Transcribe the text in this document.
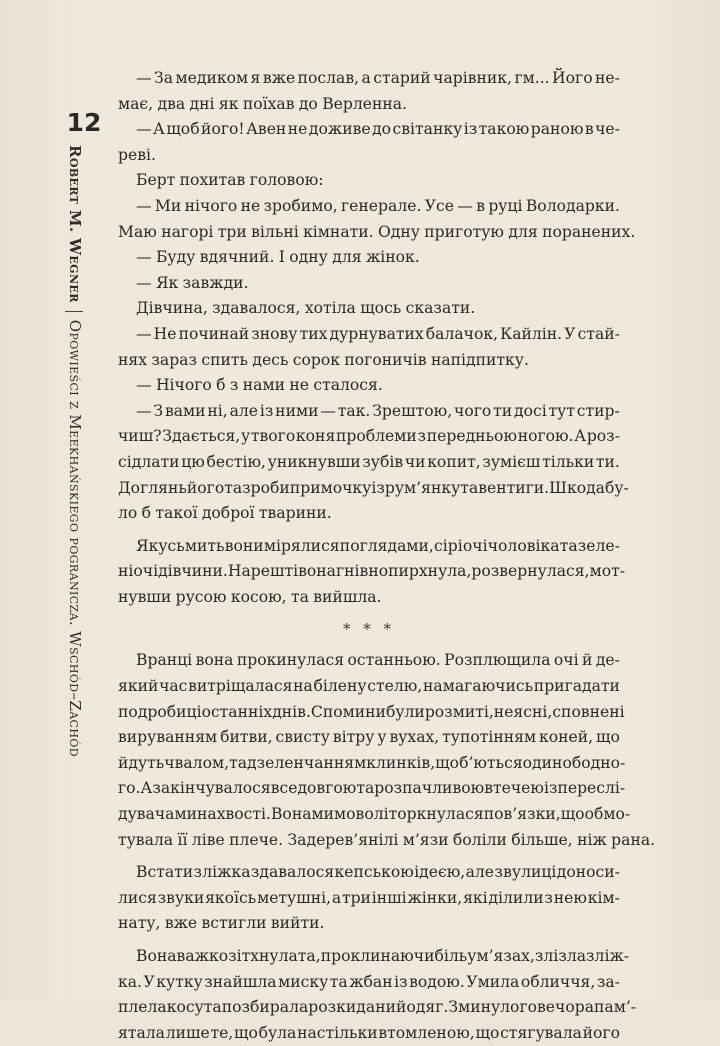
12
Robert M. WegnerOpowieści z Meekhańskiego pogranicza. Wschód–Zachód
— За медиком я вже послав, а старий чарівник, гм... Його не-
має, два дні як поїхав до Верленна.
— А щоб його! Авен не доживе до світанку із такою раною в че-
реві.
Берт похитав головою:
— Ми нічого не зробимо, генерале. Усе — в руці Володарки.
Маю нагорі три вільні кімнати. Одну приготую для поранених.
— Буду вдячний. І одну для жінок.
— Як завжди.
Дівчина, здавалося, хотіла щось сказати.
— Не починай знову тих дурнуватих балачок, Кайлін. У стай-
нях зараз спить десь сорок погоничів напідпитку.
— Нічого б з нами не сталося.
— З вами ні, але із ними — так. Зрештою, чого ти досі тут стир-
чиш? Здається, у твого коня проблеми з передньою ногою. А роз-
сідлати цю бестію, уникнувши зубів чи копит, зумієш тільки ти.
Доглянь його та зроби примочку із рум’янку та вентиги. Шкода бу-
ло б такої доброї тварини.
Якусь мить вони мірялися поглядами, сірі очі чоловіка та зеле-
ні очі дівчини. Нарешті вона гнівно пирхнула, розвернулася, мот-
нувши русою косою, та вийшла.
* * *
Вранці вона прокинулася останньою. Розплющила очі й де-
який час витріщалася на білену стелю, намагаючись пригадати
подробиці останніх днів. Спомини були розмиті, неясні, сповнені
вируванням битви, свисту вітру у вухах, тупотінням коней, що
йдуть чвалом, та дзеленчанням клинків, що б’ються один об одно-
го. А закінчувалося все довгою та розпачливою втечею із переслі-
дувачами на хвості. Вона мимоволі торкнулася пов’язки, що обмо-
тувала її ліве плече. Задерев’янілі м’язи боліли більше, ніж рана.
Встати з ліжка здавалося кепською ідеєю, але з вулиці доноси-
лися звуки якоїсь метушні, а три інші жінки, які ділили з нею кім-
нату, вже встигли вийти.
Вона важко зітхнула та, проклинаючи біль у м’язах, злізла з ліж-
ка. У кутку знайшла миску та жбан із водою. Умила обличчя, за-
плела косу та позбирала розкиданий одяг. З минулого вечора пам’-
ятала лише те, що була настільки втомленою, що стягувала його
